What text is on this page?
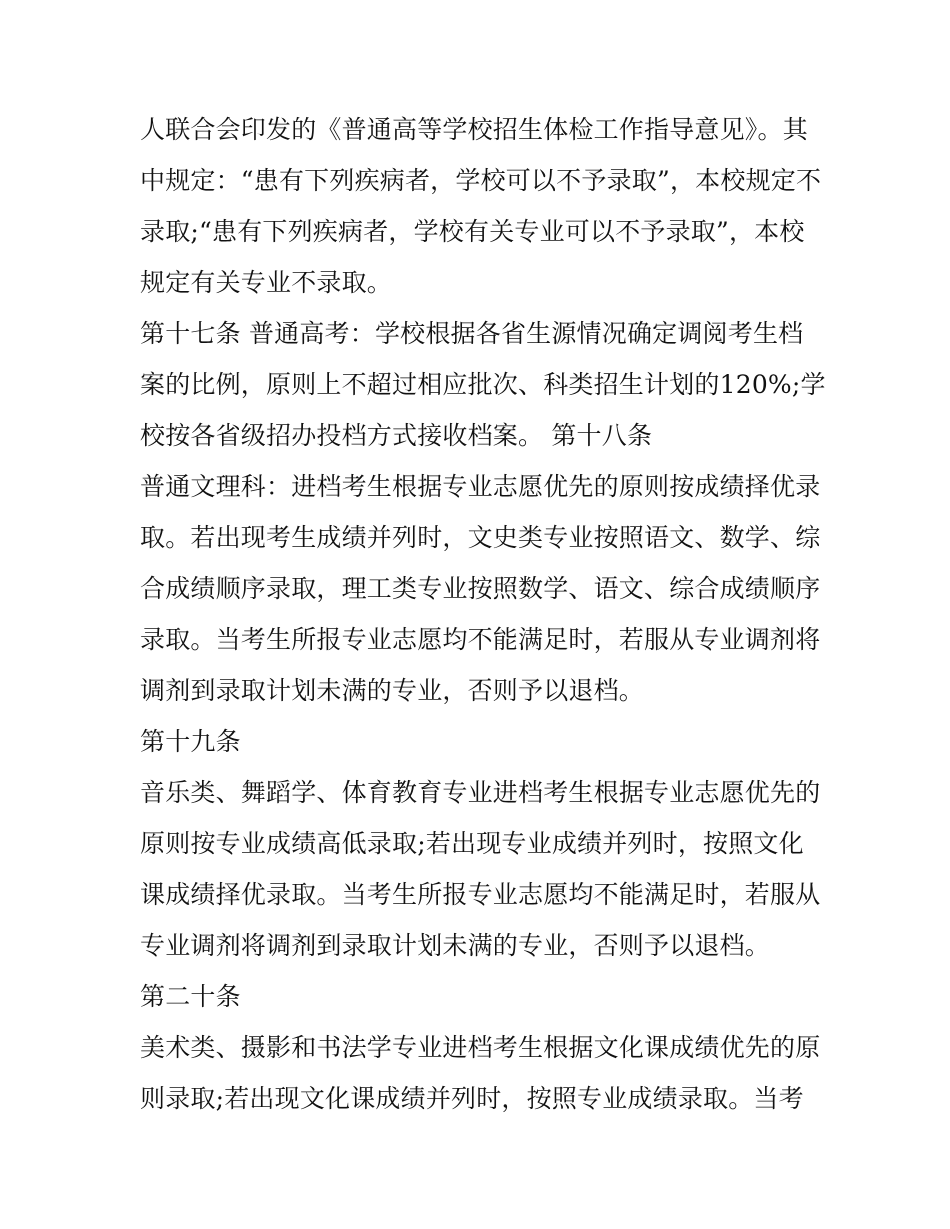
人联合会印发的《普通高等学校招生体检工作指导意见》。其
中规定：“患有下列疾病者，学校可以不予录取”，本校规定不
录取;“患有下列疾病者，学校有关专业可以不予录取”，本校
规定有关专业不录取。
第十七条 普通高考：学校根据各省生源情况确定调阅考生档
案的比例，原则上不超过相应批次、科类招生计划的120%;学
校按各省级招办投档方式接收档案。 第十八条
普通文理科：进档考生根据专业志愿优先的原则按成绩择优录
取。若出现考生成绩并列时，文史类专业按照语文、数学、综
合成绩顺序录取，理工类专业按照数学、语文、综合成绩顺序
录取。当考生所报专业志愿均不能满足时，若服从专业调剂将
调剂到录取计划未满的专业，否则予以退档。
第十九条
音乐类、舞蹈学、体育教育专业进档考生根据专业志愿优先的
原则按专业成绩高低录取;若出现专业成绩并列时，按照文化
课成绩择优录取。当考生所报专业志愿均不能满足时，若服从
专业调剂将调剂到录取计划未满的专业，否则予以退档。
第二十条
美术类、摄影和书法学专业进档考生根据文化课成绩优先的原
则录取;若出现文化课成绩并列时，按照专业成绩录取。当考
